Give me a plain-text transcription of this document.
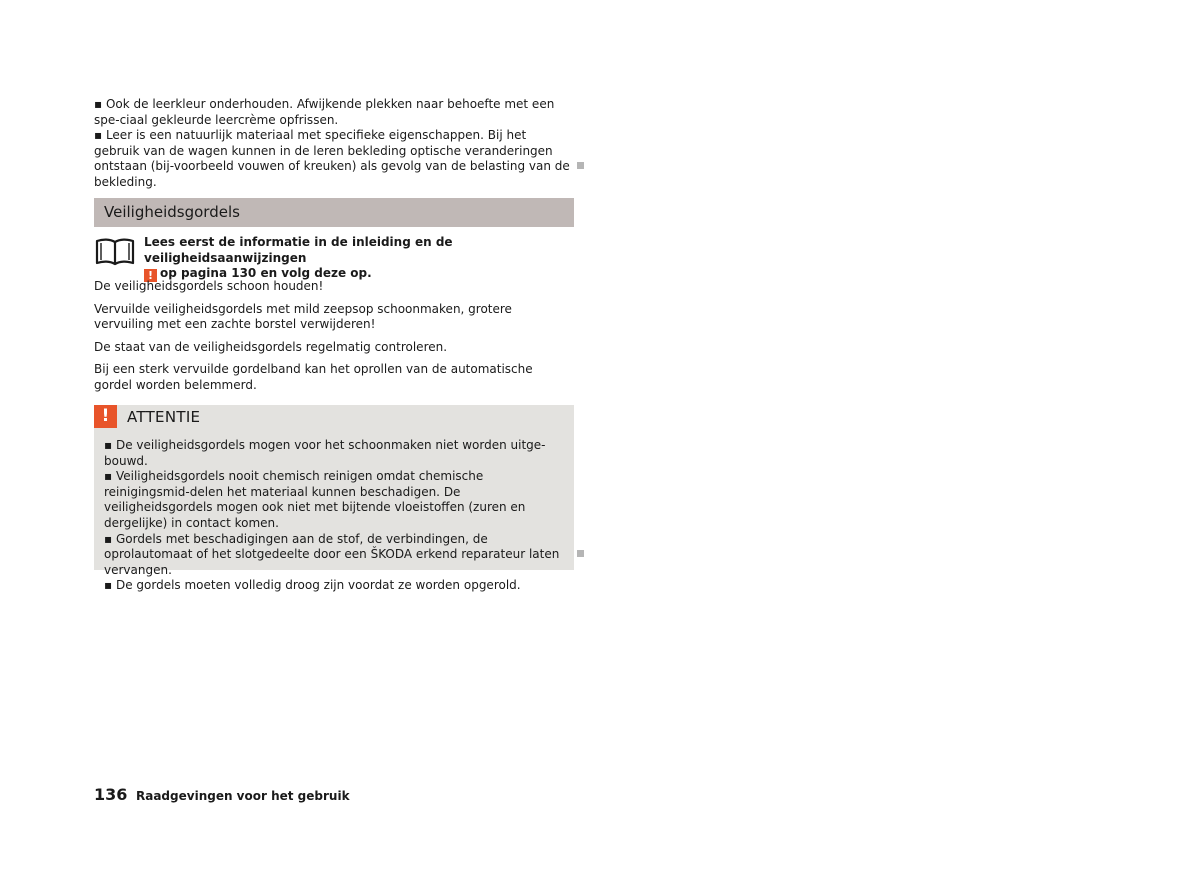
▪ Ook de leerkleur onderhouden. Afwijkende plekken naar behoefte met een spe-ciaal gekleurde leercrème opfrissen.

▪ Leer is een natuurlijk materiaal met specifieke eigenschappen. Bij het gebruik van de wagen kunnen in de leren bekleding optische veranderingen ontstaan (bij-voorbeeld vouwen of kreuken) als gevolg van de belasting van de bekleding.

Veiligheidsgordels
Lees eerst de informatie in de inleiding en de veiligheidsaanwijzingen
! op pagina 130 en volg deze op.

De veiligheidsgordels schoon houden!

Vervuilde veiligheidsgordels met mild zeepsop schoonmaken, grotere vervuiling met een zachte borstel verwijderen!

De staat van de veiligheidsgordels regelmatig controleren.

Bij een sterk vervuilde gordelband kan het oprollen van de automatische gordel worden belemmerd.

!	ATTENTIE

▪ De veiligheidsgordels mogen voor het schoonmaken niet worden uitge-bouwd.

▪ Veiligheidsgordels nooit chemisch reinigen omdat chemische reinigingsmid-delen het materiaal kunnen beschadigen. De veiligheidsgordels mogen ook niet met bijtende vloeistoffen (zuren en dergelijke) in contact komen.

▪ Gordels met beschadigingen aan de stof, de verbindingen, de oprolautomaat of het slotgedeelte door een ŠKODA erkend reparateur laten vervangen.

▪ De gordels moeten volledig droog zijn voordat ze worden opgerold.

136 Raadgevingen voor het gebruik
